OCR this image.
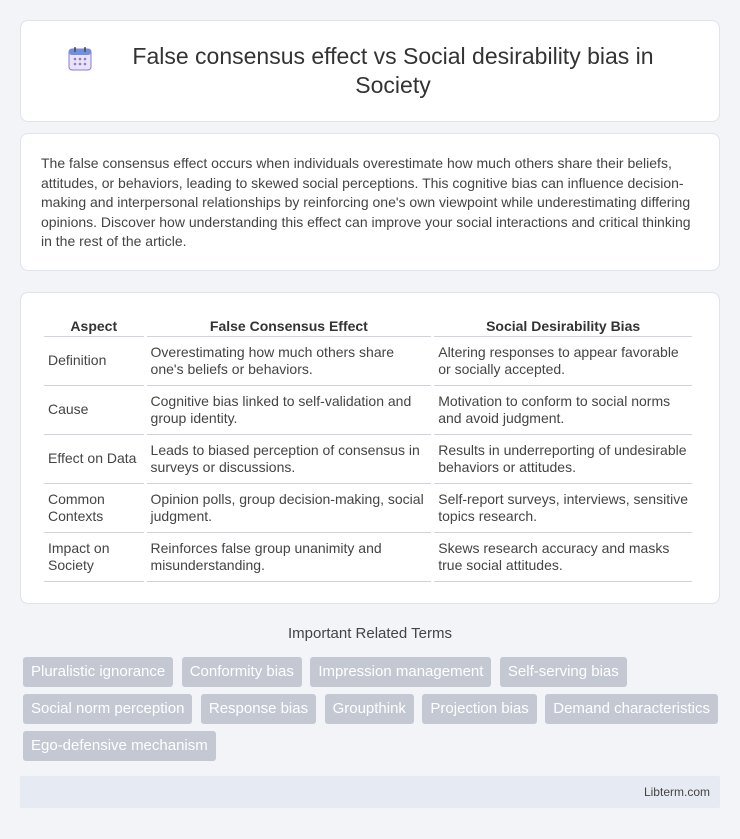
False consensus effect vs Social desirability bias in Society

The false consensus effect occurs when individuals overestimate how much others share their beliefs, attitudes, or behaviors, leading to skewed social perceptions. This cognitive bias can influence decision-making and interpersonal relationships by reinforcing one's own viewpoint while underestimating differing opinions. Discover how understanding this effect can improve your social interactions and critical thinking in the rest of the article.

Aspect	False Consensus Effect	Social Desirability Bias
Definition	Overestimating how much others share one's beliefs or behaviors.	Altering responses to appear favorable or socially accepted.
Cause	Cognitive bias linked to self-validation and group identity.	Motivation to conform to social norms and avoid judgment.
Effect on Data	Leads to biased perception of consensus in surveys or discussions.	Results in underreporting of undesirable behaviors or attitudes.
Common Contexts	Opinion polls, group decision-making, social judgment.	Self-report surveys, interviews, sensitive topics research.
Impact on Society	Reinforces false group unanimity and misunderstanding.	Skews research accuracy and masks true social attitudes.
Important Related Terms
Pluralistic ignorance Conformity bias Impression management Self-serving bias Social norm perception Response bias Groupthink Projection bias Demand characteristics Ego-defensive mechanism
Libterm.com
